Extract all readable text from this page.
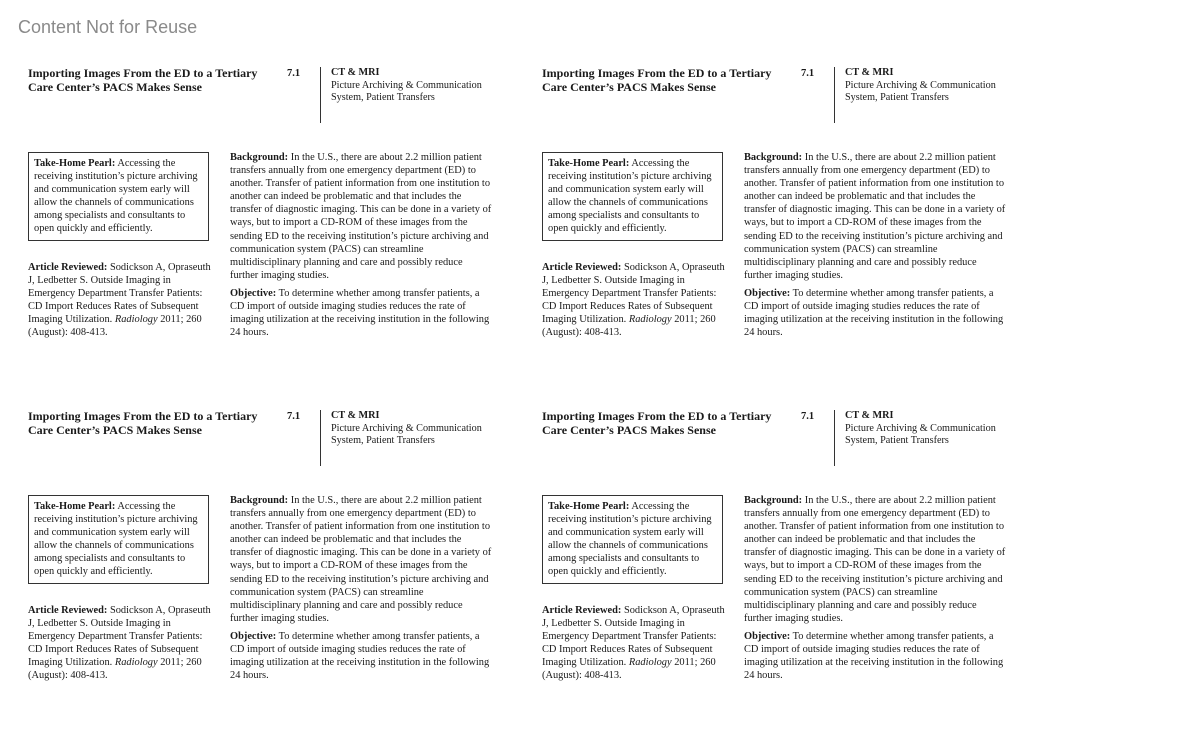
Content Not for Reuse
Importing Images From the ED to a Tertiary Care Center’s PACS Makes Sense
7.1	CT & MRI
Picture Archiving & Communication System, Patient Transfers
Take-Home Pearl: Accessing the receiving institution’s picture archiving and communication system early will allow the channels of communications among specialists and consultants to open quickly and efficiently.
Article Reviewed: Sodickson A, Opraseuth J, Ledbetter S. Outside Imaging in Emergency Department Transfer Patients: CD Import Reduces Rates of Subsequent Imaging Utilization. Radiology 2011; 260 (August): 408-413.

Background: In the U.S., there are about 2.2 million patient transfers annually from one emergency department (ED) to another. Transfer of patient information from one institution to another can indeed be problematic and that includes the transfer of diagnostic imaging. This can be done in a variety of ways, but to import a CD-ROM of these images from the sending ED to the receiving institution’s picture archiving and communication system (PACS) can streamline multidisciplinary planning and care and possibly reduce further imaging studies.

Objective: To determine whether among transfer patients, a CD import of outside imaging studies reduces the rate of imaging utilization at the receiving institution in the following 24 hours.

Importing Images From the ED to a Tertiary Care Center’s PACS Makes Sense
7.1	CT & MRI
Picture Archiving & Communication System, Patient Transfers
Take-Home Pearl: Accessing the receiving institution’s picture archiving and communication system early will allow the channels of communications among specialists and consultants to open quickly and efficiently.
Article Reviewed: Sodickson A, Opraseuth J, Ledbetter S. Outside Imaging in Emergency Department Transfer Patients: CD Import Reduces Rates of Subsequent Imaging Utilization. Radiology 2011; 260 (August): 408-413.

Background: In the U.S., there are about 2.2 million patient transfers annually from one emergency department (ED) to another. Transfer of patient information from one institution to another can indeed be problematic and that includes the transfer of diagnostic imaging. This can be done in a variety of ways, but to import a CD-ROM of these images from the sending ED to the receiving institution’s picture archiving and communication system (PACS) can streamline multidisciplinary planning and care and possibly reduce further imaging studies.

Objective: To determine whether among transfer patients, a CD import of outside imaging studies reduces the rate of imaging utilization at the receiving institution in the following 24 hours.

Importing Images From the ED to a Tertiary Care Center’s PACS Makes Sense
7.1	CT & MRI
Picture Archiving & Communication System, Patient Transfers
Take-Home Pearl: Accessing the receiving institution’s picture archiving and communication system early will allow the channels of communications among specialists and consultants to open quickly and efficiently.
Article Reviewed: Sodickson A, Opraseuth J, Ledbetter S. Outside Imaging in Emergency Department Transfer Patients: CD Import Reduces Rates of Subsequent Imaging Utilization. Radiology 2011; 260 (August): 408-413.

Background: In the U.S., there are about 2.2 million patient transfers annually from one emergency department (ED) to another. Transfer of patient information from one institution to another can indeed be problematic and that includes the transfer of diagnostic imaging. This can be done in a variety of ways, but to import a CD-ROM of these images from the sending ED to the receiving institution’s picture archiving and communication system (PACS) can streamline multidisciplinary planning and care and possibly reduce further imaging studies.

Objective: To determine whether among transfer patients, a CD import of outside imaging studies reduces the rate of imaging utilization at the receiving institution in the following 24 hours.

Importing Images From the ED to a Tertiary Care Center’s PACS Makes Sense
7.1	CT & MRI
Picture Archiving & Communication System, Patient Transfers
Take-Home Pearl: Accessing the receiving institution’s picture archiving and communication system early will allow the channels of communications among specialists and consultants to open quickly and efficiently.
Article Reviewed: Sodickson A, Opraseuth J, Ledbetter S. Outside Imaging in Emergency Department Transfer Patients: CD Import Reduces Rates of Subsequent Imaging Utilization. Radiology 2011; 260 (August): 408-413.

Background: In the U.S., there are about 2.2 million patient transfers annually from one emergency department (ED) to another. Transfer of patient information from one institution to another can indeed be problematic and that includes the transfer of diagnostic imaging. This can be done in a variety of ways, but to import a CD-ROM of these images from the sending ED to the receiving institution’s picture archiving and communication system (PACS) can streamline multidisciplinary planning and care and possibly reduce further imaging studies.

Objective: To determine whether among transfer patients, a CD import of outside imaging studies reduces the rate of imaging utilization at the receiving institution in the following 24 hours.
